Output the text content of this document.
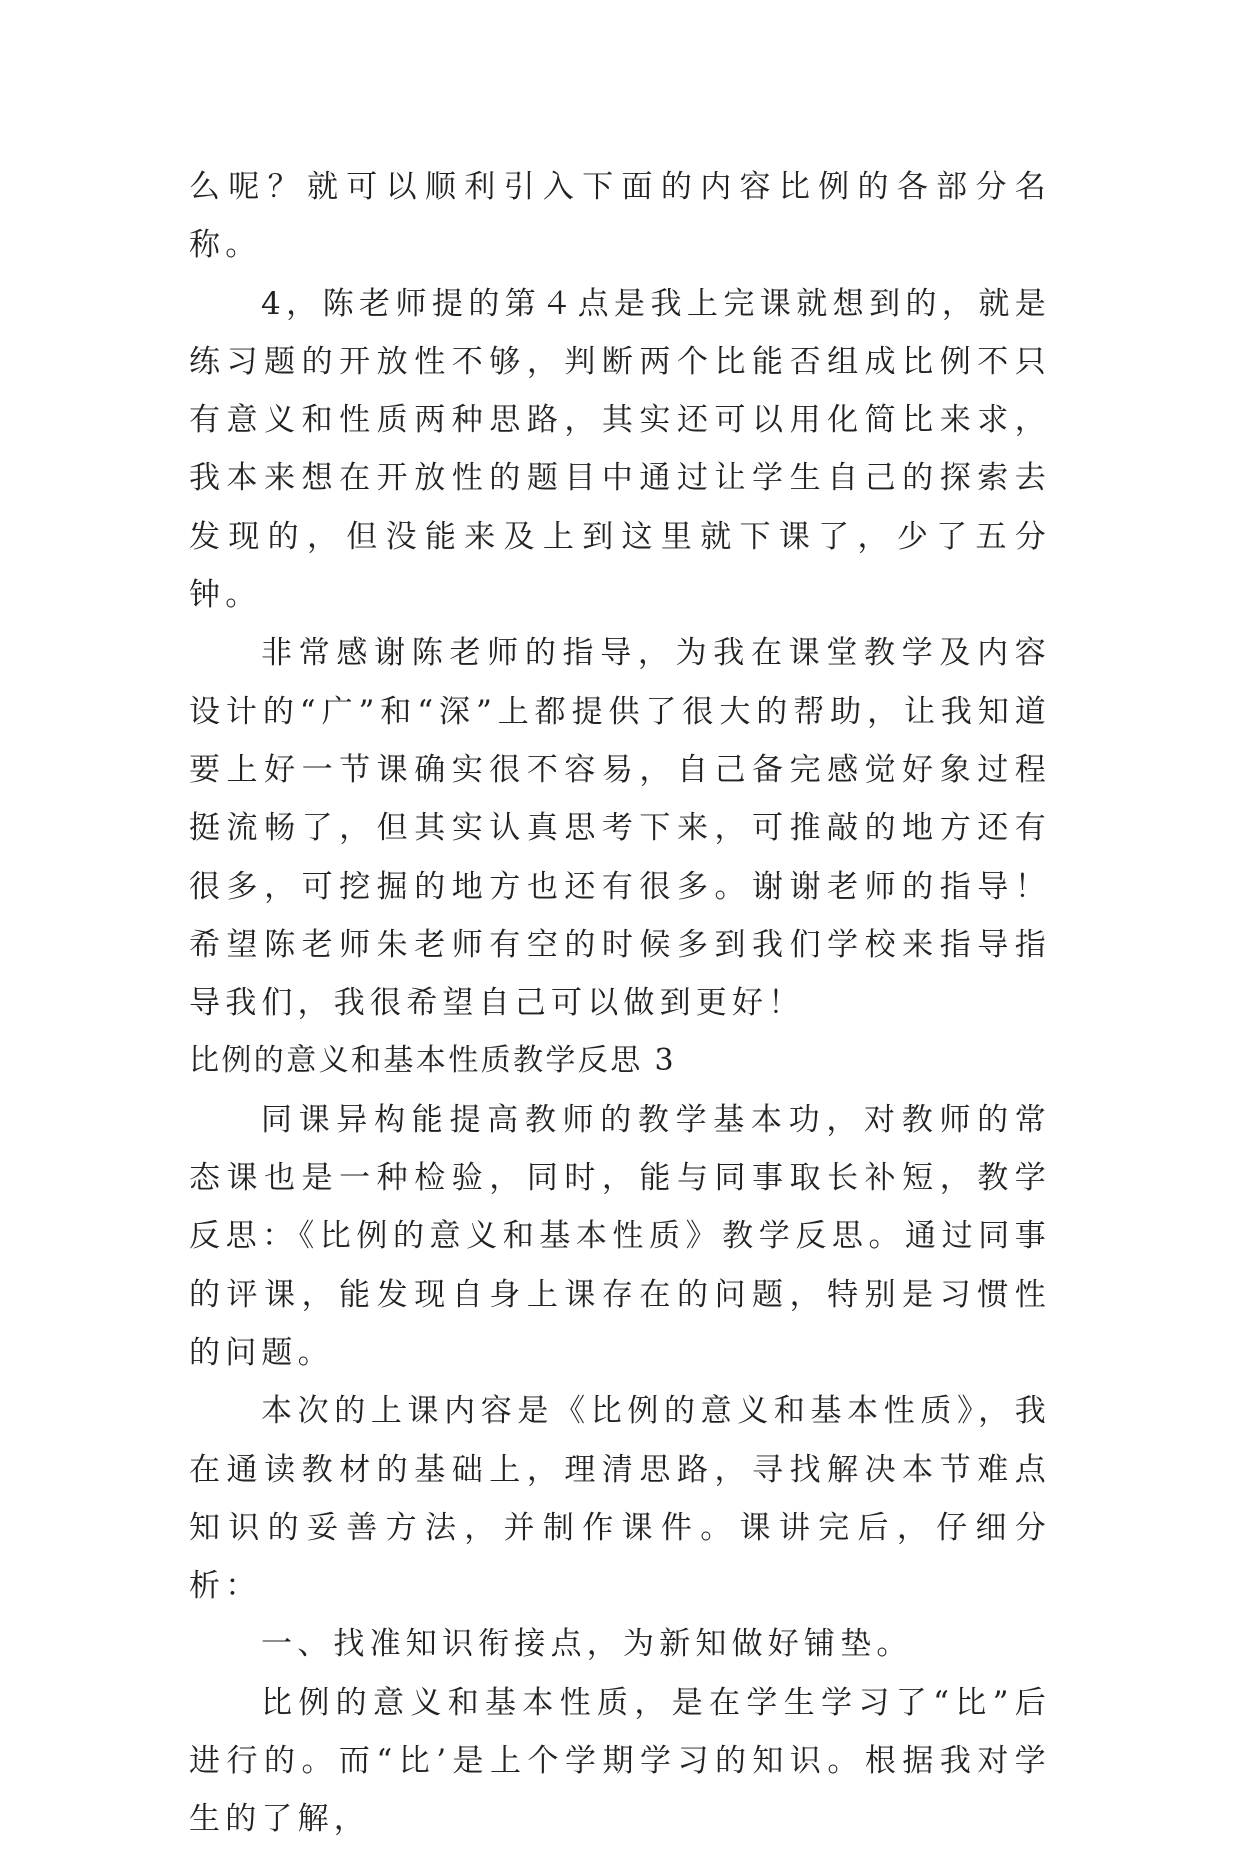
么呢？就可以顺利引入下面的内容比例的各部分名称。

4，陈老师提的第４点是我上完课就想到的，就是练习题的开放性不够，判断两个比能否组成比例不只有意义和性质两种思路，其实还可以用化简比来求，我本来想在开放性的题目中通过让学生自己的探索去发现的，但没能来及上到这里就下课了，少了五分钟。

非常感谢陈老师的指导，为我在课堂教学及内容设计的“广”和“深”上都提供了很大的帮助，让我知道要上好一节课确实很不容易，自己备完感觉好象过程挺流畅了，但其实认真思考下来，可推敲的地方还有很多，可挖掘的地方也还有很多。谢谢老师的指导！希望陈老师朱老师有空的时候多到我们学校来指导指导我们，我很希望自己可以做到更好！

比例的意义和基本性质教学反思 3

同课异构能提高教师的教学基本功，对教师的常态课也是一种检验，同时，能与同事取长补短，教学反思：《比例的意义和基本性质》教学反思。通过同事的评课，能发现自身上课存在的问题，特别是习惯性的问题。

本次的上课内容是《比例的意义和基本性质》，我在通读教材的基础上，理清思路，寻找解决本节难点知识的妥善方法，并制作课件。课讲完后，仔细分析：

一、找准知识衔接点，为新知做好铺垫。

比例的意义和基本性质，是在学生学习了“比”后进行的。而“比’是上个学期学习的知识。根据我对学生的了解，
